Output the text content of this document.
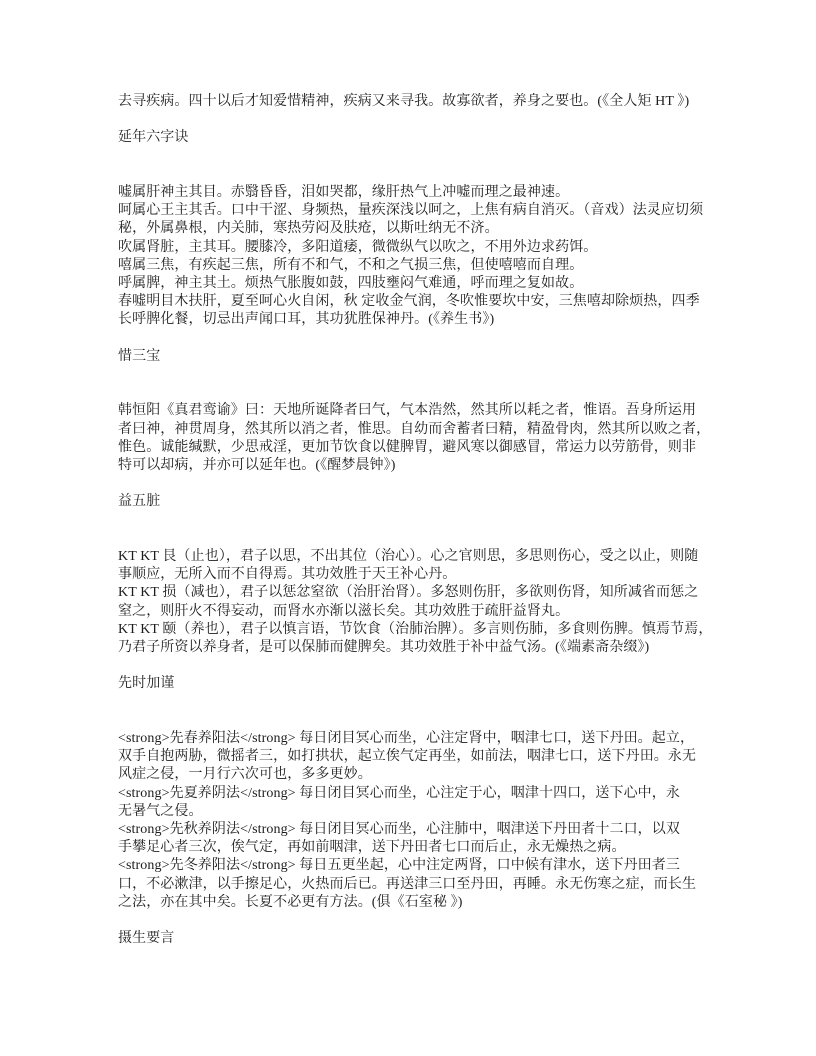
去寻疾病。四十以后才知爱惜精神，疾病又来寻我。故寡欲者，养身之要也。(《全人矩 HT 》)
延年六字诀
嘘属肝神主其目。赤翳昏昏，泪如哭都，缘肝热气上冲嘘而理之最神速。
呵属心王主其舌。口中干涩、身频热，量疾深浅以呵之，上焦有病自消灭。（音戏）法灵应切须
秘，外属鼻根，内关肺，寒热劳闷及肤疮，以斯吐纳无不济。
吹属肾脏，主其耳。腰膝冷，多阳道痿，微微纵气以吹之，不用外边求药饵。
嘻属三焦，有疾起三焦，所有不和气，不和之气损三焦，但使嘻嘻而自理。
呼属脾，神主其土。烦热气胀腹如鼓，四肢壅闷气难通，呼而理之复如故。
春嘘明目木扶肝，夏至呵心火自闲，秋 定收金气润，冬吹惟要坎中安，三焦嘻却除烦热，四季
长呼脾化餐，切忌出声闻口耳，其功犹胜保神丹。(《养生书》)
惜三宝
韩恒阳《真君鸾谕》曰：天地所诞降者曰气，气本浩然，然其所以耗之者，惟语。吾身所运用
者曰神，神贯周身，然其所以消之者，惟思。自幼而舍蓄者曰精，精盈骨肉，然其所以败之者，
惟色。诚能缄默，少思戒淫，更加节饮食以健脾胃，避风寒以御感冒，常运力以劳筋骨，则非
特可以却病，并亦可以延年也。(《醒梦晨钟》)
益五脏
KT KT 艮（止也），君子以思，不出其位（治心）。心之官则思，多思则伤心，受之以止，则随
事顺应，无所入而不自得焉。其功效胜于天王补心丹。
KT KT 损（减也），君子以惩忿窒欲（治肝治肾）。多怒则伤肝，多欲则伤肾，知所减省而惩之
窒之，则肝火不得妄动，而肾水亦渐以滋长矣。其功效胜于疏肝益肾丸。
KT KT 颐（养也），君子以慎言语，节饮食（治肺治脾）。多言则伤肺，多食则伤脾。慎焉节焉，
乃君子所资以养身者，是可以保肺而健脾矣。其功效胜于补中益气汤。(《端素斋杂缀》)
先时加谨
<strong>先春养阳法</strong> 每日闭目冥心而坐，心注定肾中，咽津七口，送下丹田。起立，
双手自抱两胁，微摇者三，如打拱状，起立俟气定再坐，如前法，咽津七口，送下丹田。永无
风症之侵，一月行六次可也，多多更妙。
<strong>先夏养阴法</strong> 每日闭目冥心而坐，心注定于心，咽津十四口，送下心中，永
无暑气之侵。
<strong>先秋养阴法</strong> 每日闭目冥心而坐，心注肺中，咽津送下丹田者十二口，以双
手攀足心者三次，俟气定，再如前咽津，送下丹田者七口而后止，永无燥热之病。
<strong>先冬养阳法</strong> 每日五更坐起，心中注定两肾，口中候有津水，送下丹田者三
口，不必漱津，以手擦足心，火热而后已。再送津三口至丹田，再睡。永无伤寒之症，而长生
之法，亦在其中矣。长夏不必更有方法。(俱《石室秘 》)
摄生要言
